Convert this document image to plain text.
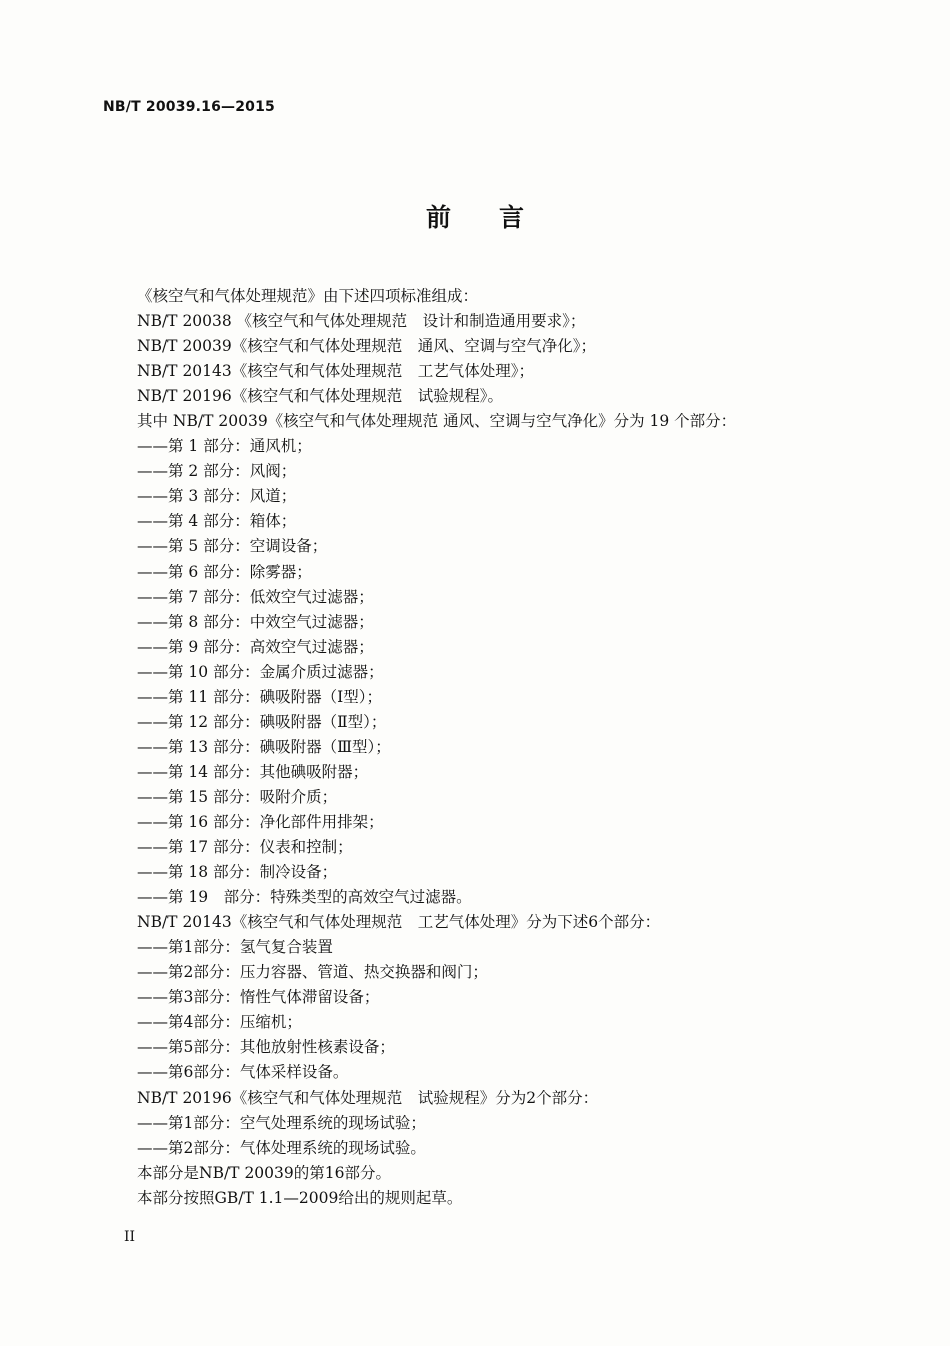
NB/T 20039.16—2015
前言
《核空气和气体处理规范》由下述四项标准组成：
NB/T 20038 《核空气和气体处理规范　设计和制造通用要求》；
NB/T 20039《核空气和气体处理规范　通风、空调与空气净化》；
NB/T 20143《核空气和气体处理规范　工艺气体处理》；
NB/T 20196《核空气和气体处理规范　试验规程》。
其中 NB/T 20039《核空气和气体处理规范 通风、空调与空气净化》分为 19 个部分：
——第 1 部分：通风机；
——第 2 部分：风阀；
——第 3 部分：风道；
——第 4 部分：箱体；
——第 5 部分：空调设备；
——第 6 部分：除雾器；
——第 7 部分：低效空气过滤器；
——第 8 部分：中效空气过滤器；
——第 9 部分：高效空气过滤器；
——第 10 部分：金属介质过滤器；
——第 11 部分：碘吸附器（Ⅰ型）；
——第 12 部分：碘吸附器（Ⅱ型）；
——第 13 部分：碘吸附器（Ⅲ型）；
——第 14 部分：其他碘吸附器；
——第 15 部分：吸附介质；
——第 16 部分：净化部件用排架；
——第 17 部分：仪表和控制；
——第 18 部分：制冷设备；
——第 19　部分：特殊类型的高效空气过滤器。
NB/T 20143《核空气和气体处理规范　工艺气体处理》分为下述6个部分：
——第1部分：氢气复合装置
——第2部分：压力容器、管道、热交换器和阀门；
——第3部分：惰性气体滞留设备；
——第4部分：压缩机；
——第5部分：其他放射性核素设备；
——第6部分：气体采样设备。
NB/T 20196《核空气和气体处理规范　试验规程》分为2个部分：
——第1部分：空气处理系统的现场试验；
——第2部分：气体处理系统的现场试验。
本部分是NB/T 20039的第16部分。
本部分按照GB/T 1.1—2009给出的规则起草。
II
